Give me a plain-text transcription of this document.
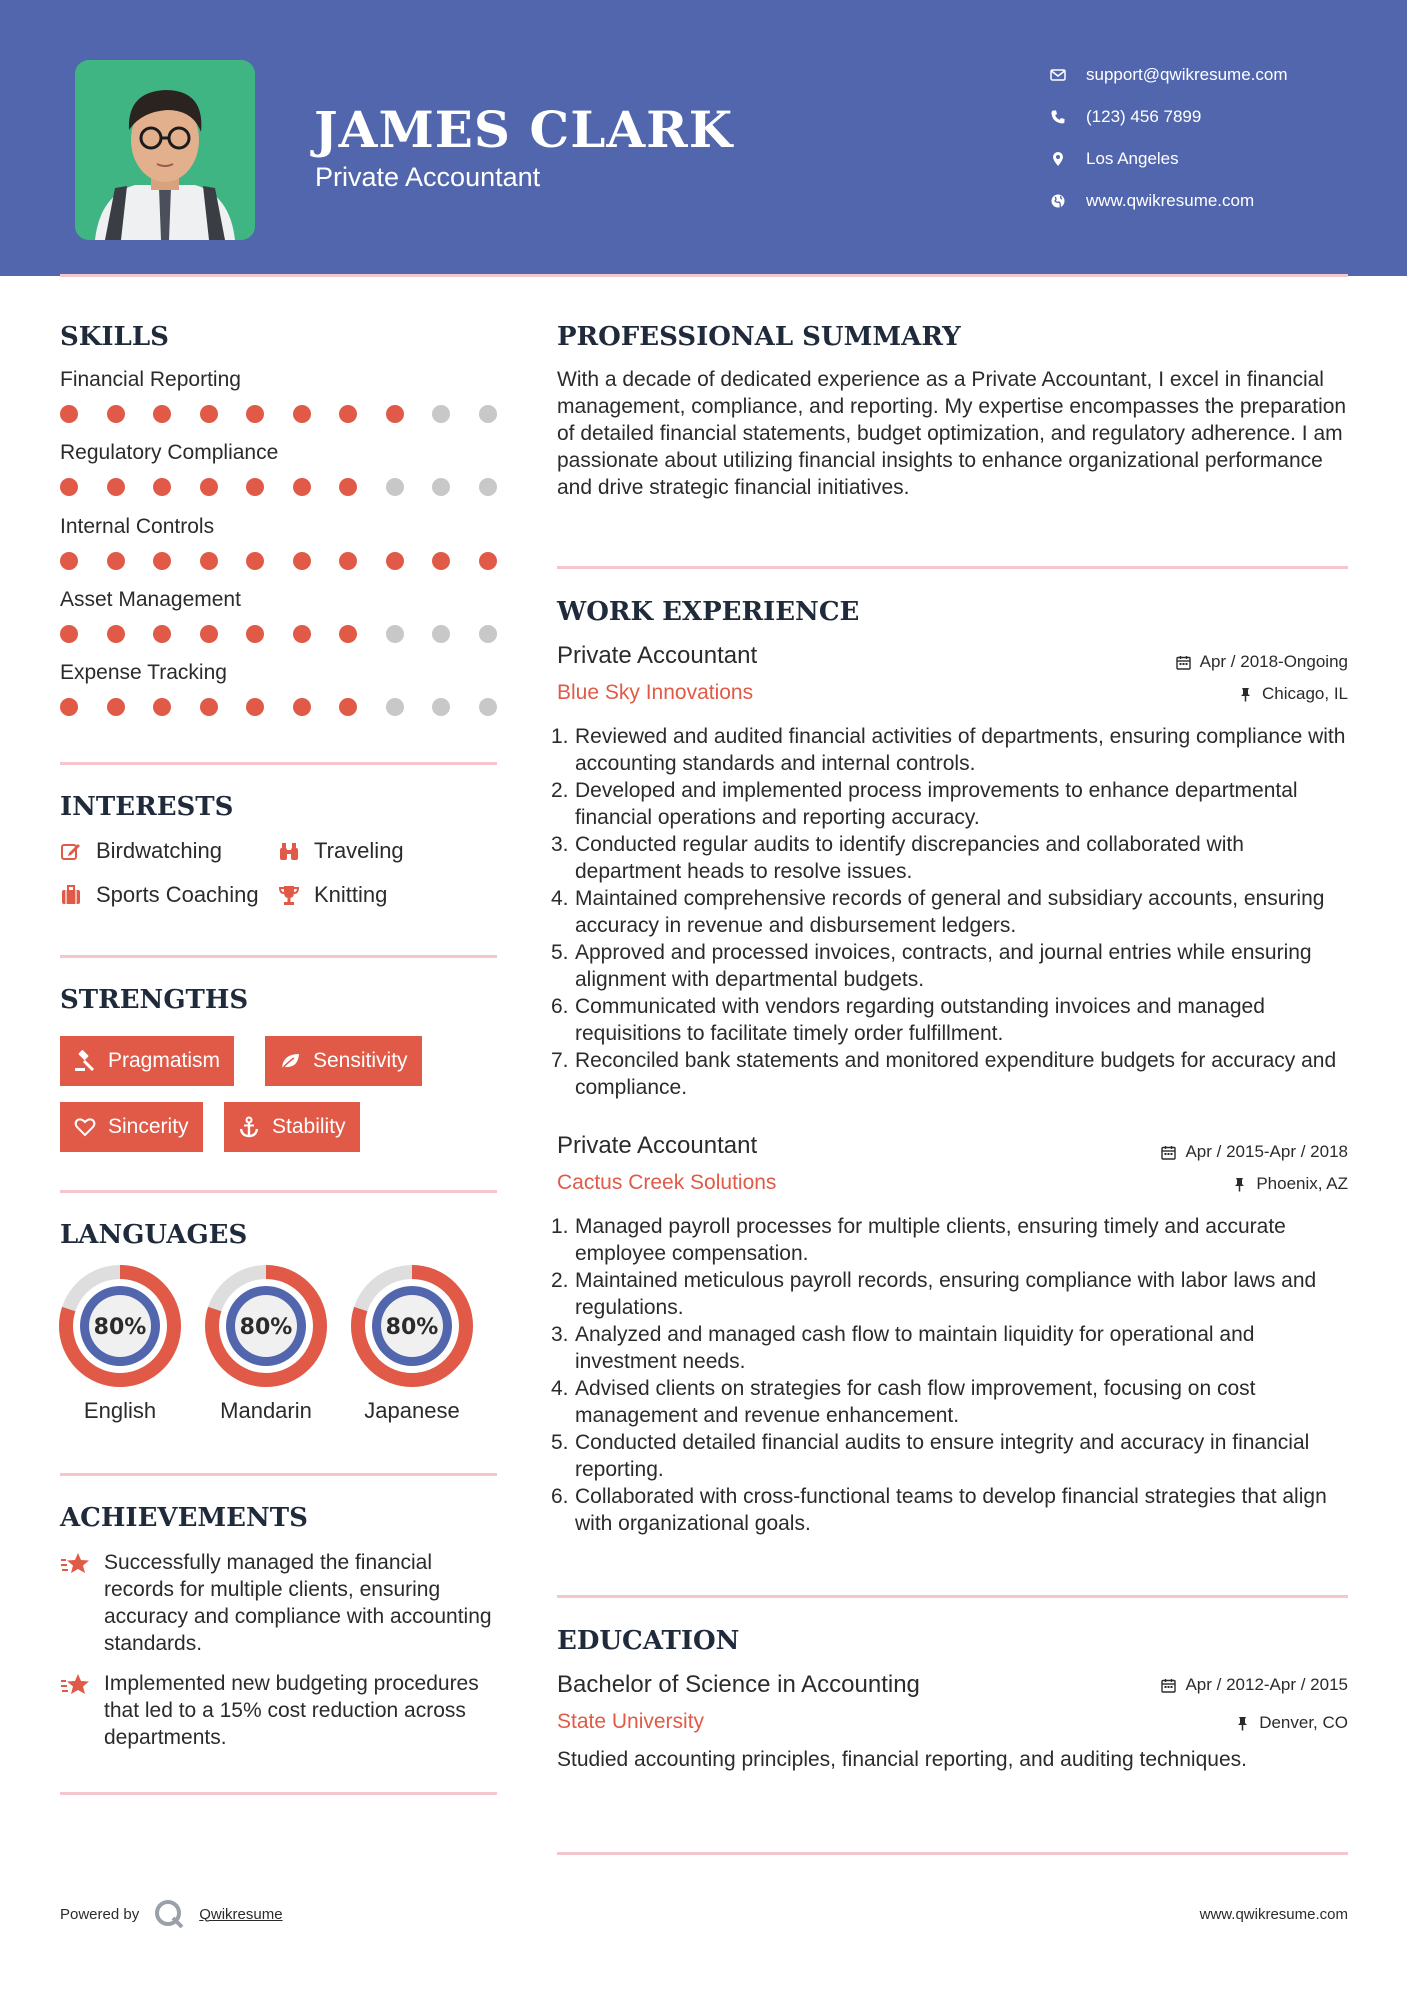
JAMES CLARK
Private Accountant
support@qwikresume.com
(123) 456 7899
Los Angeles
www.qwikresume.com
SKILLS
Financial Reporting
Regulatory Compliance
Internal Controls
Asset Management
Expense Tracking
INTERESTS
Birdwatching	Traveling
Sports Coaching	Knitting
STRENGTHS
Pragmatism	Sensitivity
Sincerity	Stability
LANGUAGES
80%
English
80%
Mandarin
80%
Japanese
ACHIEVEMENTS
Successfully managed the financial records for multiple clients, ensuring accuracy and compliance with accounting standards.
Implemented new budgeting procedures that led to a 15% cost reduction across departments.
PROFESSIONAL SUMMARY
With a decade of dedicated experience as a Private Accountant, I excel in financial management, compliance, and reporting. My expertise encompasses the preparation of detailed financial statements, budget optimization, and regulatory adherence. I am passionate about utilizing financial insights to enhance organizational performance and drive strategic financial initiatives.
WORK EXPERIENCE
Private Accountant	Apr / 2018-Ongoing
Blue Sky Innovations	Chicago, IL
1. Reviewed and audited financial activities of departments, ensuring compliance with accounting standards and internal controls.
2. Developed and implemented process improvements to enhance departmental financial operations and reporting accuracy.
3. Conducted regular audits to identify discrepancies and collaborated with department heads to resolve issues.
4. Maintained comprehensive records of general and subsidiary accounts, ensuring accuracy in revenue and disbursement ledgers.
5. Approved and processed invoices, contracts, and journal entries while ensuring alignment with departmental budgets.
6. Communicated with vendors regarding outstanding invoices and managed requisitions to facilitate timely order fulfillment.
7. Reconciled bank statements and monitored expenditure budgets for accuracy and compliance.
Private Accountant	Apr / 2015-Apr / 2018
Cactus Creek Solutions	Phoenix, AZ
1. Managed payroll processes for multiple clients, ensuring timely and accurate employee compensation.
2. Maintained meticulous payroll records, ensuring compliance with labor laws and regulations.
3. Analyzed and managed cash flow to maintain liquidity for operational and investment needs.
4. Advised clients on strategies for cash flow improvement, focusing on cost management and revenue enhancement.
5. Conducted detailed financial audits to ensure integrity and accuracy in financial reporting.
6. Collaborated with cross-functional teams to develop financial strategies that align with organizational goals.
EDUCATION
Bachelor of Science in Accounting	Apr / 2012-Apr / 2015
State University	Denver, CO
Studied accounting principles, financial reporting, and auditing techniques.
Powered by	Qwikresume	www.qwikresume.com
